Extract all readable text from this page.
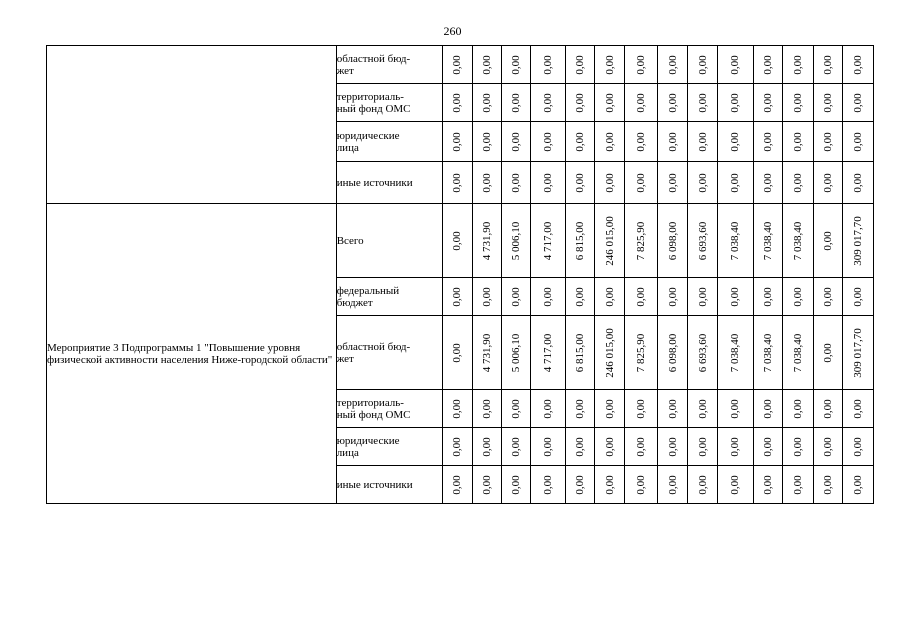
260
	областной бюд-
жет	0,00	0,00	0,00	0,00	0,00	0,00	0,00	0,00	0,00	0,00	0,00	0,00	0,00	0,00

	территориаль-
ный фонд ОМС	0,00	0,00	0,00	0,00	0,00	0,00	0,00	0,00	0,00	0,00	0,00	0,00	0,00	0,00

	юридические
лица	0,00	0,00	0,00	0,00	0,00	0,00	0,00	0,00	0,00	0,00	0,00	0,00	0,00	0,00

	иные источники	0,00	0,00	0,00	0,00	0,00	0,00	0,00	0,00	0,00	0,00	0,00	0,00	0,00	0,00

Мероприятие 3 Подпрограммы 1 "Повышение уровня физической активности населения Ниже-городской области"	Всего	0,00	4 731,90	5 006,10	4 717,00	6 815,00	246 015,00	7 825,90	6 098,00	6 693,60	7 038,40	7 038,40	7 038,40	0,00	309 017,70

	федеральный
бюджет	0,00	0,00	0,00	0,00	0,00	0,00	0,00	0,00	0,00	0,00	0,00	0,00	0,00	0,00

	областной бюд-
жет	0,00	4 731,90	5 006,10	4 717,00	6 815,00	246 015,00	7 825,90	6 098,00	6 693,60	7 038,40	7 038,40	7 038,40	0,00	309 017,70

	территориаль-
ный фонд ОМС	0,00	0,00	0,00	0,00	0,00	0,00	0,00	0,00	0,00	0,00	0,00	0,00	0,00	0,00

	юридические
лица	0,00	0,00	0,00	0,00	0,00	0,00	0,00	0,00	0,00	0,00	0,00	0,00	0,00	0,00

	иные источники	0,00	0,00	0,00	0,00	0,00	0,00	0,00	0,00	0,00	0,00	0,00	0,00	0,00	0,00
